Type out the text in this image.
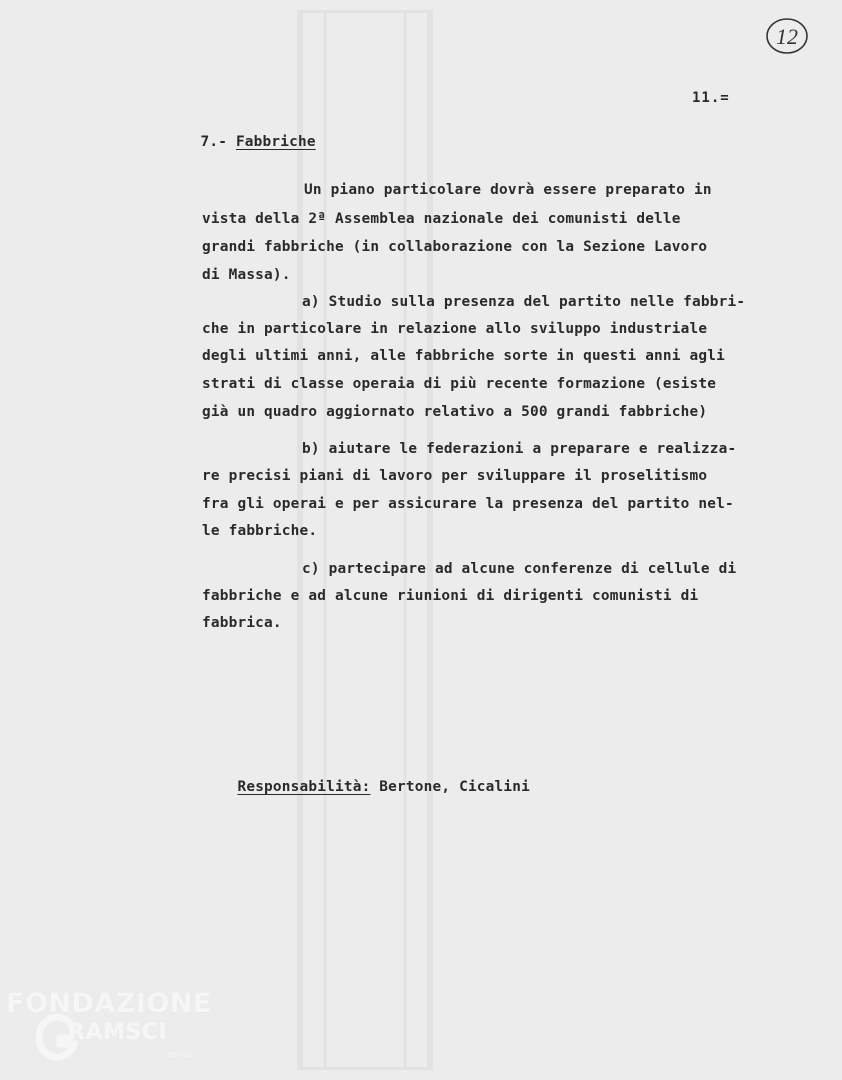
12
11.=

7.- Fabbriche

Un piano particolare dovrà essere preparato in
vista della 2ª Assemblea nazionale dei comunisti delle
grandi fabbriche (in collaborazione con la Sezione Lavoro
di Massa).
a) Studio sulla presenza del partito nelle fabbri-
che in particolare in relazione allo sviluppo industriale
degli ultimi anni, alle fabbriche sorte in questi anni agli
strati di classe operaia di più recente formazione (esiste
già un quadro aggiornato relativo a 500 grandi fabbriche)
b) aiutare le federazioni a preparare e realizza-
re precisi piani di lavoro per sviluppare il proselitismo
fra gli operai e per assicurare la presenza del partito nel-
le fabbriche.
c) partecipare ad alcune conferenze di cellule di
fabbriche e ad alcune riunioni di dirigenti comunisti di
fabbrica.

Responsabilità: Bertone, Cicalini

FONDAZIONE
RAMSCI
onlus
